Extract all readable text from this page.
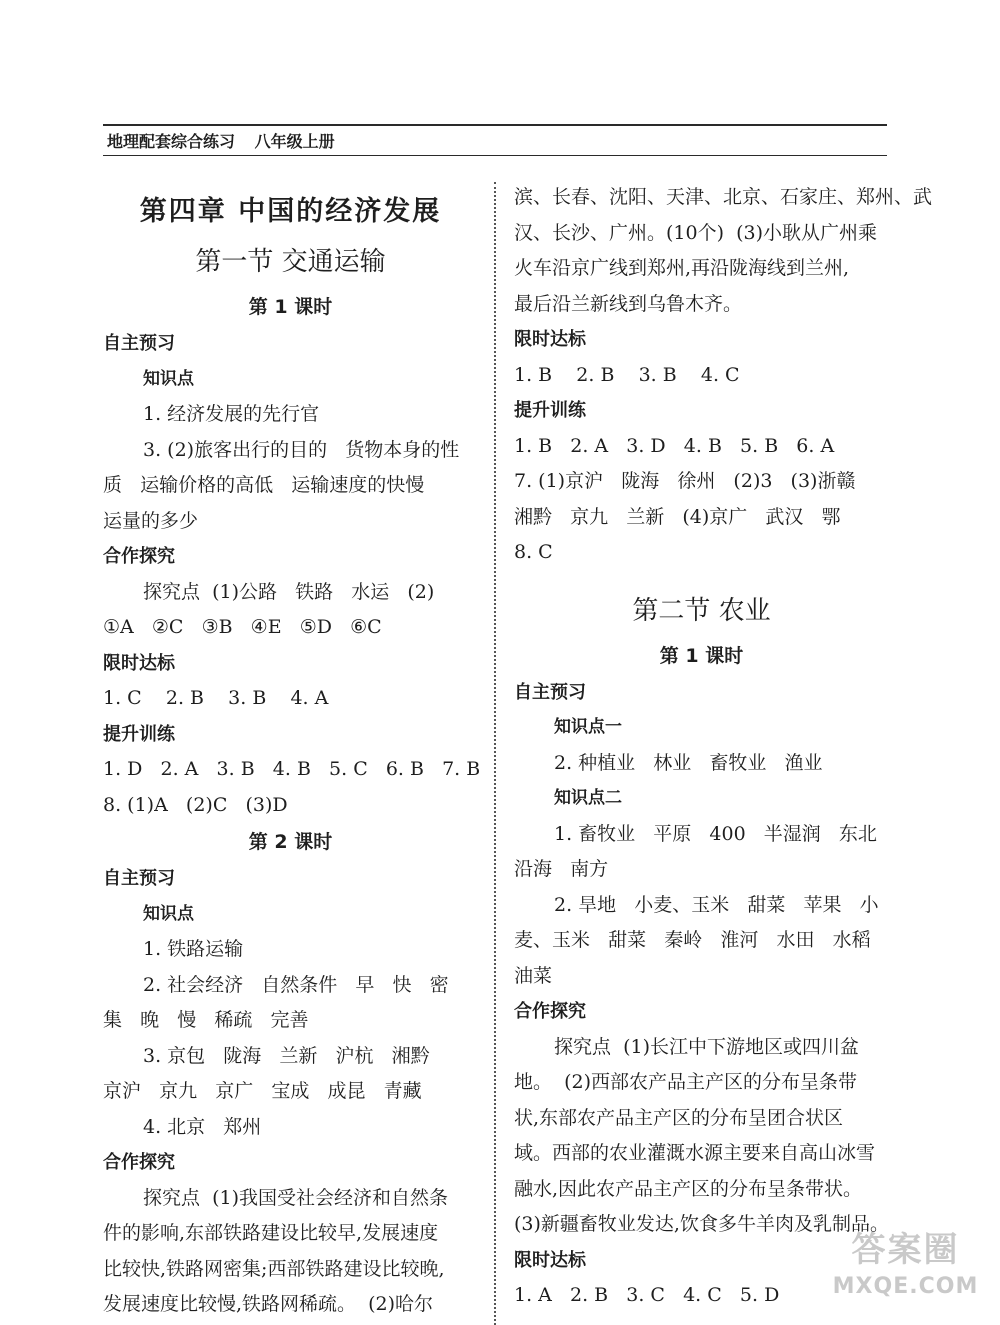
地理配套综合练习 八年级上册
第四章 中国的经济发展
第一节 交通运输
第 1 课时
自主预习
知识点
1. 经济发展的先行官
3. (2)旅客出行的目的   货物本身的性
质   运输价格的高低   运输速度的快慢
运量的多少
合作探究
探究点  (1)公路   铁路   水运   (2)
①A   ②C   ③B   ④E   ⑤D   ⑥C
限时达标
1. C    2. B    3. B    4. A
提升训练
1. D   2. A   3. B   4. B   5. C   6. B   7. B
8. (1)A   (2)C   (3)D
第 2 课时
自主预习
知识点
1. 铁路运输
2. 社会经济   自然条件   早   快   密
集   晚   慢   稀疏   完善
3. 京包   陇海   兰新   沪杭   湘黔
京沪   京九   京广   宝成   成昆   青藏
4. 北京   郑州
合作探究
探究点  (1)我国受社会经济和自然条
件的影响,东部铁路建设比较早,发展速度
比较快,铁路网密集;西部铁路建设比较晚,
发展速度比较慢,铁路网稀疏。  (2)哈尔
滨、长春、沈阳、天津、北京、石家庄、郑州、武
汉、长沙、广州。(10个)  (3)小耿从广州乘
火车沿京广线到郑州,再沿陇海线到兰州,
最后沿兰新线到乌鲁木齐。
限时达标
1. B    2. B    3. B    4. C
提升训练
1. B   2. A   3. D   4. B   5. B   6. A
7. (1)京沪   陇海   徐州   (2)3   (3)浙赣
湘黔   京九   兰新   (4)京广   武汉   鄂
8. C
第二节 农业
第 1 课时
自主预习
知识点一
2. 种植业   林业   畜牧业   渔业
知识点二
1. 畜牧业   平原   400   半湿润   东北
沿海   南方
2. 旱地   小麦、玉米   甜菜   苹果   小
麦、玉米   甜菜   秦岭   淮河   水田   水稻
油菜
合作探究
探究点  (1)长江中下游地区或四川盆
地。  (2)西部农产品主产区的分布呈条带
状,东部农产品主产区的分布呈团合状区
域。西部的农业灌溉水源主要来自高山冰雪
融水,因此农产品主产区的分布呈条带状。
(3)新疆畜牧业发达,饮食多牛羊肉及乳制品。
限时达标
1. A   2. B   3. C   4. C   5. D
答案圈
MXQE.COM
